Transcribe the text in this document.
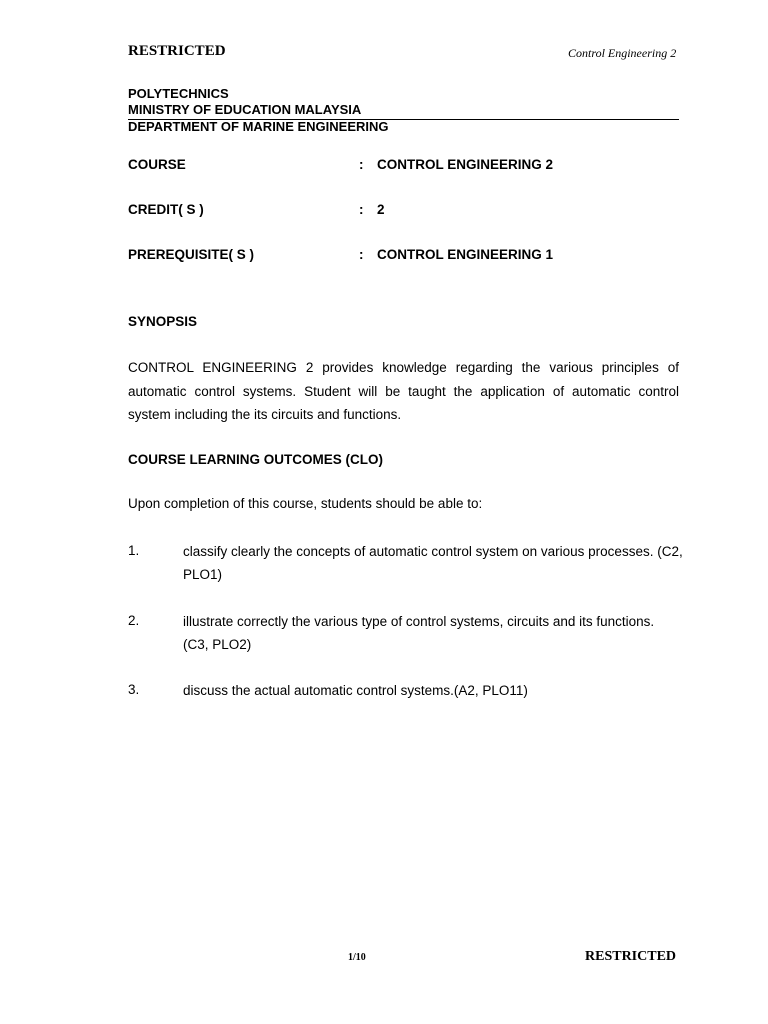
RESTRICTED	Control Engineering 2
POLYTECHNICS
MINISTRY OF EDUCATION MALAYSIA
DEPARTMENT OF MARINE ENGINEERING
COURSE	: CONTROL ENGINEERING 2
CREDIT( S )	: 2
PREREQUISITE( S )	: CONTROL ENGINEERING 1
SYNOPSIS
CONTROL ENGINEERING 2 provides knowledge regarding the various principles of automatic control systems. Student will be taught the application of automatic control system including the its circuits and functions.
COURSE LEARNING OUTCOMES (CLO)
Upon completion of this course, students should be able to:
1.	classify clearly the concepts of automatic control system on various processes. (C2, PLO1)
2.	illustrate correctly the various type of control systems, circuits and its functions. (C3, PLO2)
3.	discuss the actual automatic control systems.(A2, PLO11)
1/10	RESTRICTED
